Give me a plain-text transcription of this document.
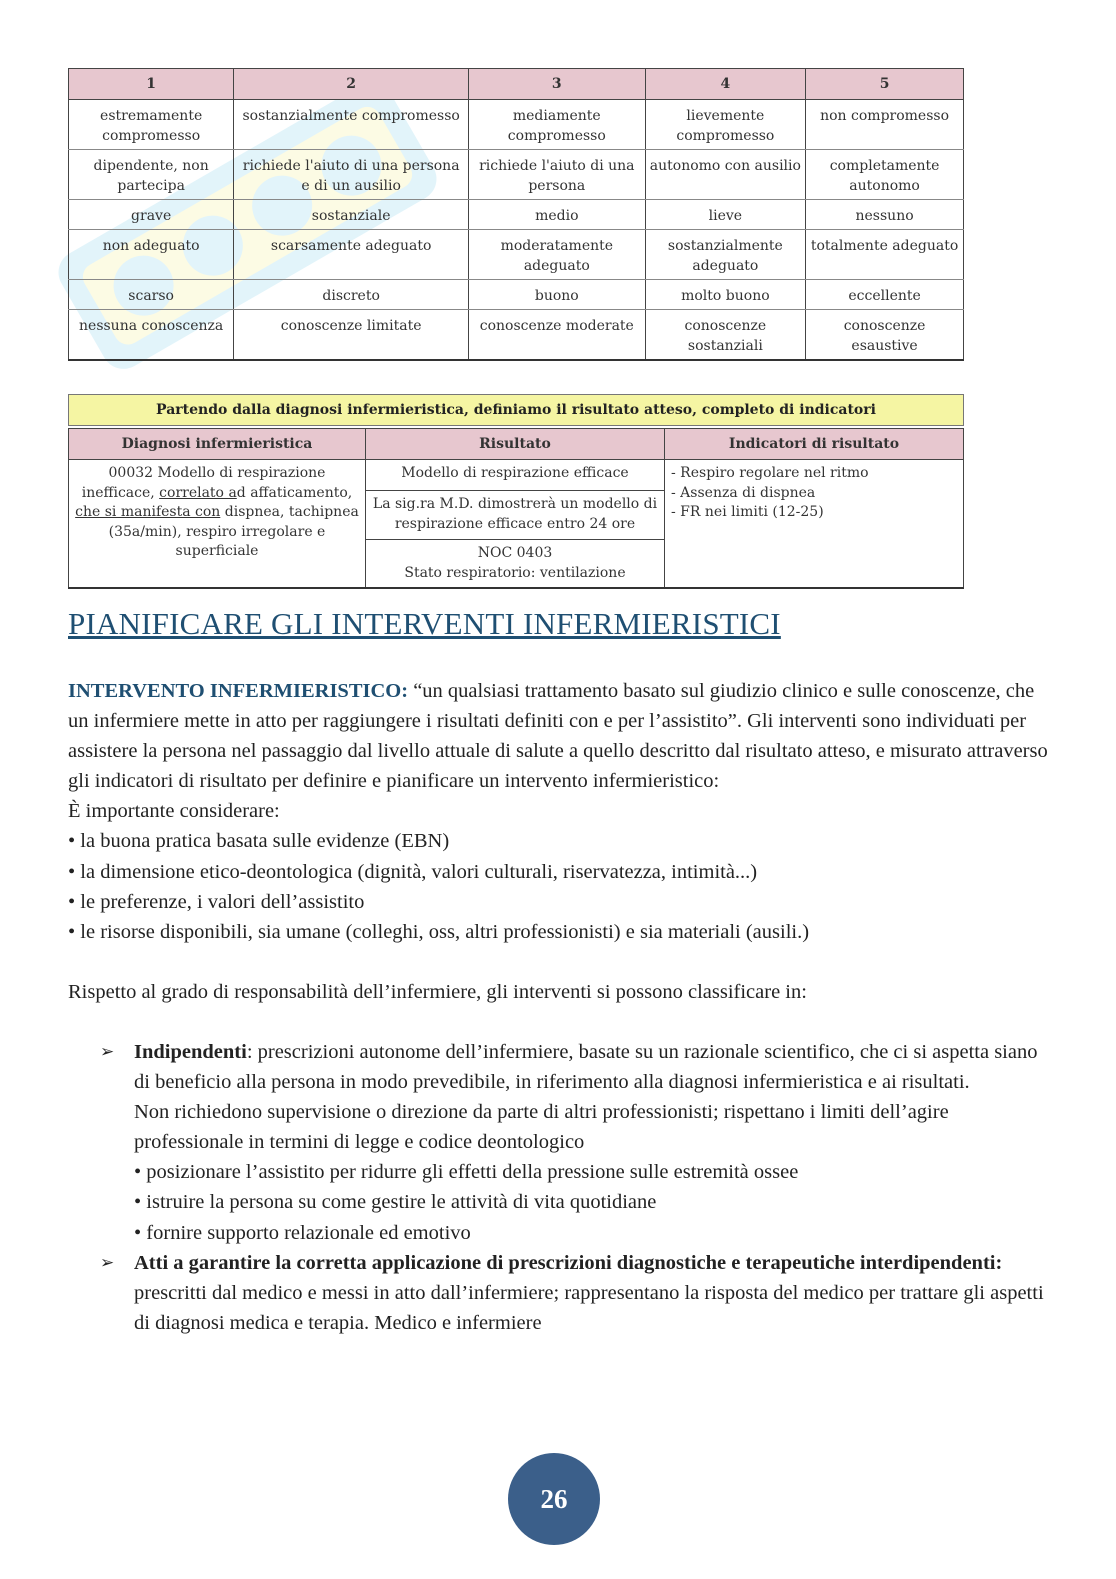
1	2	3	4	5
estremamente compromesso	sostanzialmente compromesso	mediamente compromesso	lievemente compromesso	non compromesso
dipendente, non partecipa	richiede l'aiuto di una persona e di un ausilio	richiede l'aiuto di una persona	autonomo con ausilio	completamente autonomo
grave	sostanziale	medio	lieve	nessuno
non adeguato	scarsamente adeguato	moderatamente adeguato	sostanzialmente adeguato	totalmente adeguato
scarso	discreto	buono	molto buono	eccellente
nessuna conoscenza	conoscenze limitate	conoscenze moderate	conoscenze sostanziali	conoscenze esaustive
Partendo dalla diagnosi infermieristica, definiamo il risultato atteso, completo di indicatori
Diagnosi infermieristica	Risultato	Indicatori di risultato
00032 Modello di respirazione inefficace, correlato ad affaticamento, che si manifesta con dispnea, tachipnea (35a/min), respiro irregolare e superficiale	Modello di respirazione efficace	- Respiro regolare nel ritmo
- Assenza di dispnea
- FR nei limiti (12-25)

	La sig.ra M.D. dimostrerà un modello di respirazione efficace entro 24 ore	

	NOC 0403
Stato respiratorio: ventilazione	
PIANIFICARE GLI INTERVENTI INFERMIERISTICI

INTERVENTO INFERMIERISTICO: “un qualsiasi trattamento basato sul giudizio clinico e sulle conoscenze, che un infermiere mette in atto per raggiungere i risultati definiti con e per l’assistito”. Gli interventi sono individuati per assistere la persona nel passaggio dal livello attuale di salute a quello descritto dal risultato atteso, e misurato attraverso gli indicatori di risultato per definire e pianificare un intervento infermieristico:

È importante considerare:

• la buona pratica basata sulle evidenze (EBN)

• la dimensione etico-deontologica (dignità, valori culturali, riservatezza, intimità...)

• le preferenze, i valori dell’assistito

• le risorse disponibili, sia umane (colleghi, oss, altri professionisti) e sia materiali (ausili.)

Rispetto al grado di responsabilità dell’infermiere, gli interventi si possono classificare in:

➢ Indipendenti: prescrizioni autonome dell’infermiere, basate su un razionale scientifico, che ci si aspetta siano di beneficio alla persona in modo prevedibile, in riferimento alla diagnosi infermieristica e ai risultati.
Non richiedono supervisione o direzione da parte di altri professionisti; rispettano i limiti dell’agire professionale in termini di legge e codice deontologico
• posizionare l’assistito per ridurre gli effetti della pressione sulle estremità ossee
• istruire la persona su come gestire le attività di vita quotidiane
• fornire supporto relazionale ed emotivo
➢ Atti a garantire la corretta applicazione di prescrizioni diagnostiche e terapeutiche interdipendenti: prescritti dal medico e messi in atto dall’infermiere; rappresentano la risposta del medico per trattare gli aspetti di diagnosi medica e terapia. Medico e infermiere
26
